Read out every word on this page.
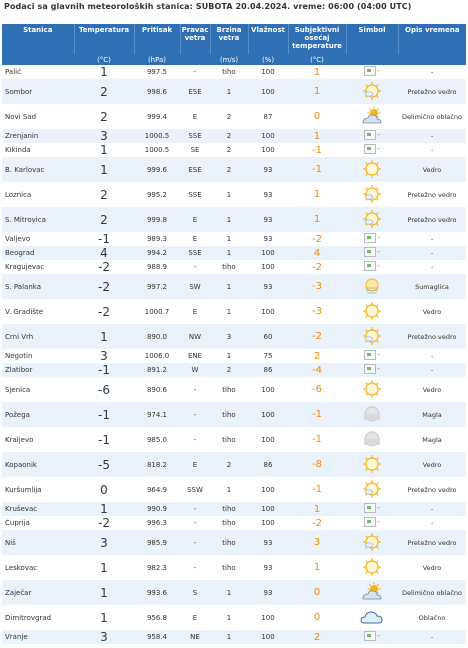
Podaci sa glavnih meteoroloških stanica: SUBOTA 20.04.2024. vreme: 06:00 (04:00 UTC)
Stanica	Temperatura	Pritisak	Pravac vetra	Brzina vetra	Vlažnost	Subjektivni osećaj temperature	Simbol	Opis vremena
	(°C)	(hPa)		(m/s)	(%)	(°C)		
Palić	1	997.5	-	tiho	100	1	-	-
Sombor	2	998.6	ESE	1	100	1		Pretežno vedro
Novi Sad	2	999.4	E	2	87	0		Delimično oblačno
Zrenjanin	3	1000.5	SSE	2	100	1	-	-
Kikinda	1	1000.5	SE	2	100	-1	-	-
B. Karlovac	1	999.6	ESE	2	93	-1		Vedro
Loznica	2	995.2	SSE	1	93	1		Pretežno vedro
S. Mitrovica	2	999.8	E	1	93	1		Pretežno vedro
Valjevo	-1	989.3	E	1	93	-2	-	-
Beograd	4	994.2	SSE	1	100	4	-	-
Kragujevac	-2	988.9	-	tiho	100	-2	-	-
S. Palanka	-2	997.2	SW	1	93	-3		Sumaglica
V. Gradište	-2	1000.7	E	1	100	-3		Vedro
Crni Vrh	1	890.0	NW	3	60	-2		Pretežno vedro
Negotin	3	1006.0	ENE	1	75	2	-	-
Zlatibor	-1	891.2	W	2	86	-4	-	-
Sjenica	-6	890.6	-	tiho	100	-6		Vedro
Požega	-1	974.1	-	tiho	100	-1		Magla
Kraljevo	-1	985.0	-	tiho	100	-1		Magla
Kopaonik	-5	818.2	E	2	86	-8		Vedro
Kuršumlija	0	964.9	SSW	1	100	-1		Pretežno vedro
Kruševac	1	990.9	-	tiho	100	1	-	-
Ćuprija	-2	996.3	-	tiho	100	-2	-	-
Niš	3	985.9	-	tiho	93	3		Pretežno vedro
Leskovac	1	982.3	-	tiho	93	1		Vedro
Zaječar	1	993.6	S	1	93	0		Delimično oblačno
Dimitrovgrad	1	956.8	E	1	100	0		Oblačno
Vranje	3	958.4	NE	1	100	2	-	-
